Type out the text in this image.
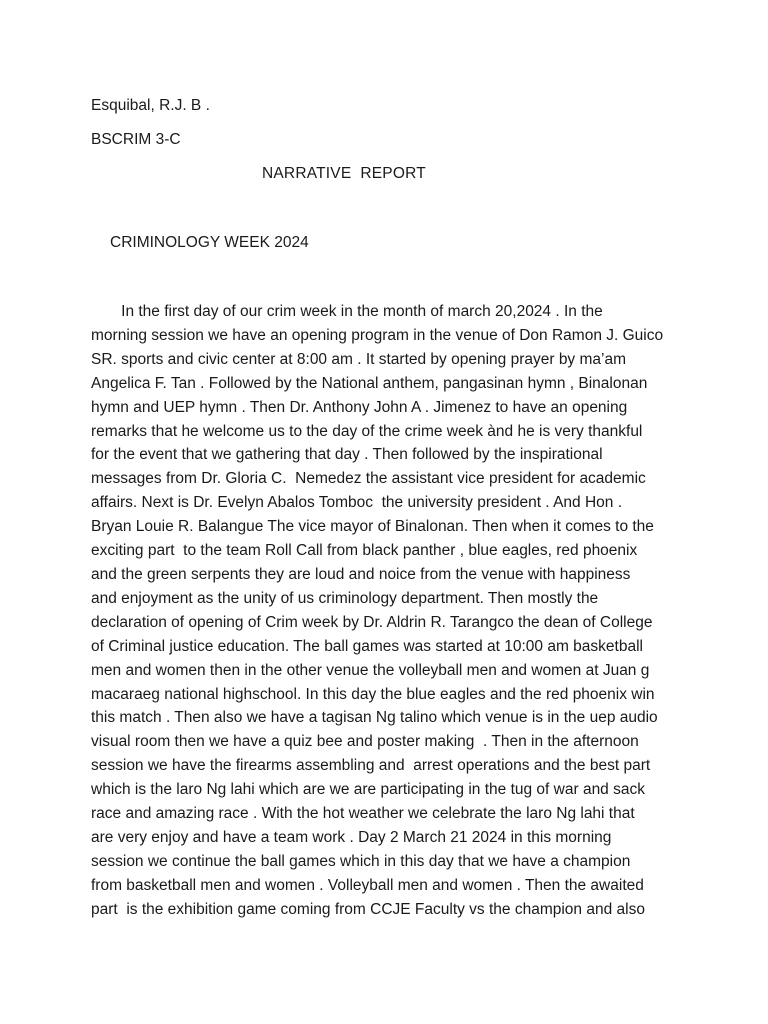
Esquibal, R.J. B .
BSCRIM 3-C
NARRATIVE  REPORT
CRIMINOLOGY WEEK 2024
In the first day of our crim week in the month of march 20,2024 . In the
morning session we have an opening program in the venue of Don Ramon J. Guico
SR. sports and civic center at 8:00 am . It started by opening prayer by ma’am
Angelica F. Tan . Followed by the National anthem, pangasinan hymn , Binalonan
hymn and UEP hymn . Then Dr. Anthony John A . Jimenez to have an opening
remarks that he welcome us to the day of the crime week ànd he is very thankful
for the event that we gathering that day . Then followed by the inspirational
messages from Dr. Gloria C.  Nemedez the assistant vice president for academic
affairs. Next is Dr. Evelyn Abalos Tomboc  the university president . And Hon .
Bryan Louie R. Balangue The vice mayor of Binalonan. Then when it comes to the
exciting part  to the team Roll Call from black panther , blue eagles, red phoenix
and the green serpents they are loud and noice from the venue with happiness
and enjoyment as the unity of us criminology department. Then mostly the
declaration of opening of Crim week by Dr. Aldrin R. Tarangco the dean of College
of Criminal justice education. The ball games was started at 10:00 am basketball
men and women then in the other venue the volleyball men and women at Juan g
macaraeg national highschool. In this day the blue eagles and the red phoenix win
this match . Then also we have a tagisan Ng talino which venue is in the uep audio
visual room then we have a quiz bee and poster making  . Then in the afternoon
session we have the firearms assembling and  arrest operations and the best part
which is the laro Ng lahi which are we are participating in the tug of war and sack
race and amazing race . With the hot weather we celebrate the laro Ng lahi that
are very enjoy and have a team work . Day 2 March 21 2024 in this morning
session we continue the ball games which in this day that we have a champion
from basketball men and women . Volleyball men and women . Then the awaited
part  is the exhibition game coming from CCJE Faculty vs the champion and also
